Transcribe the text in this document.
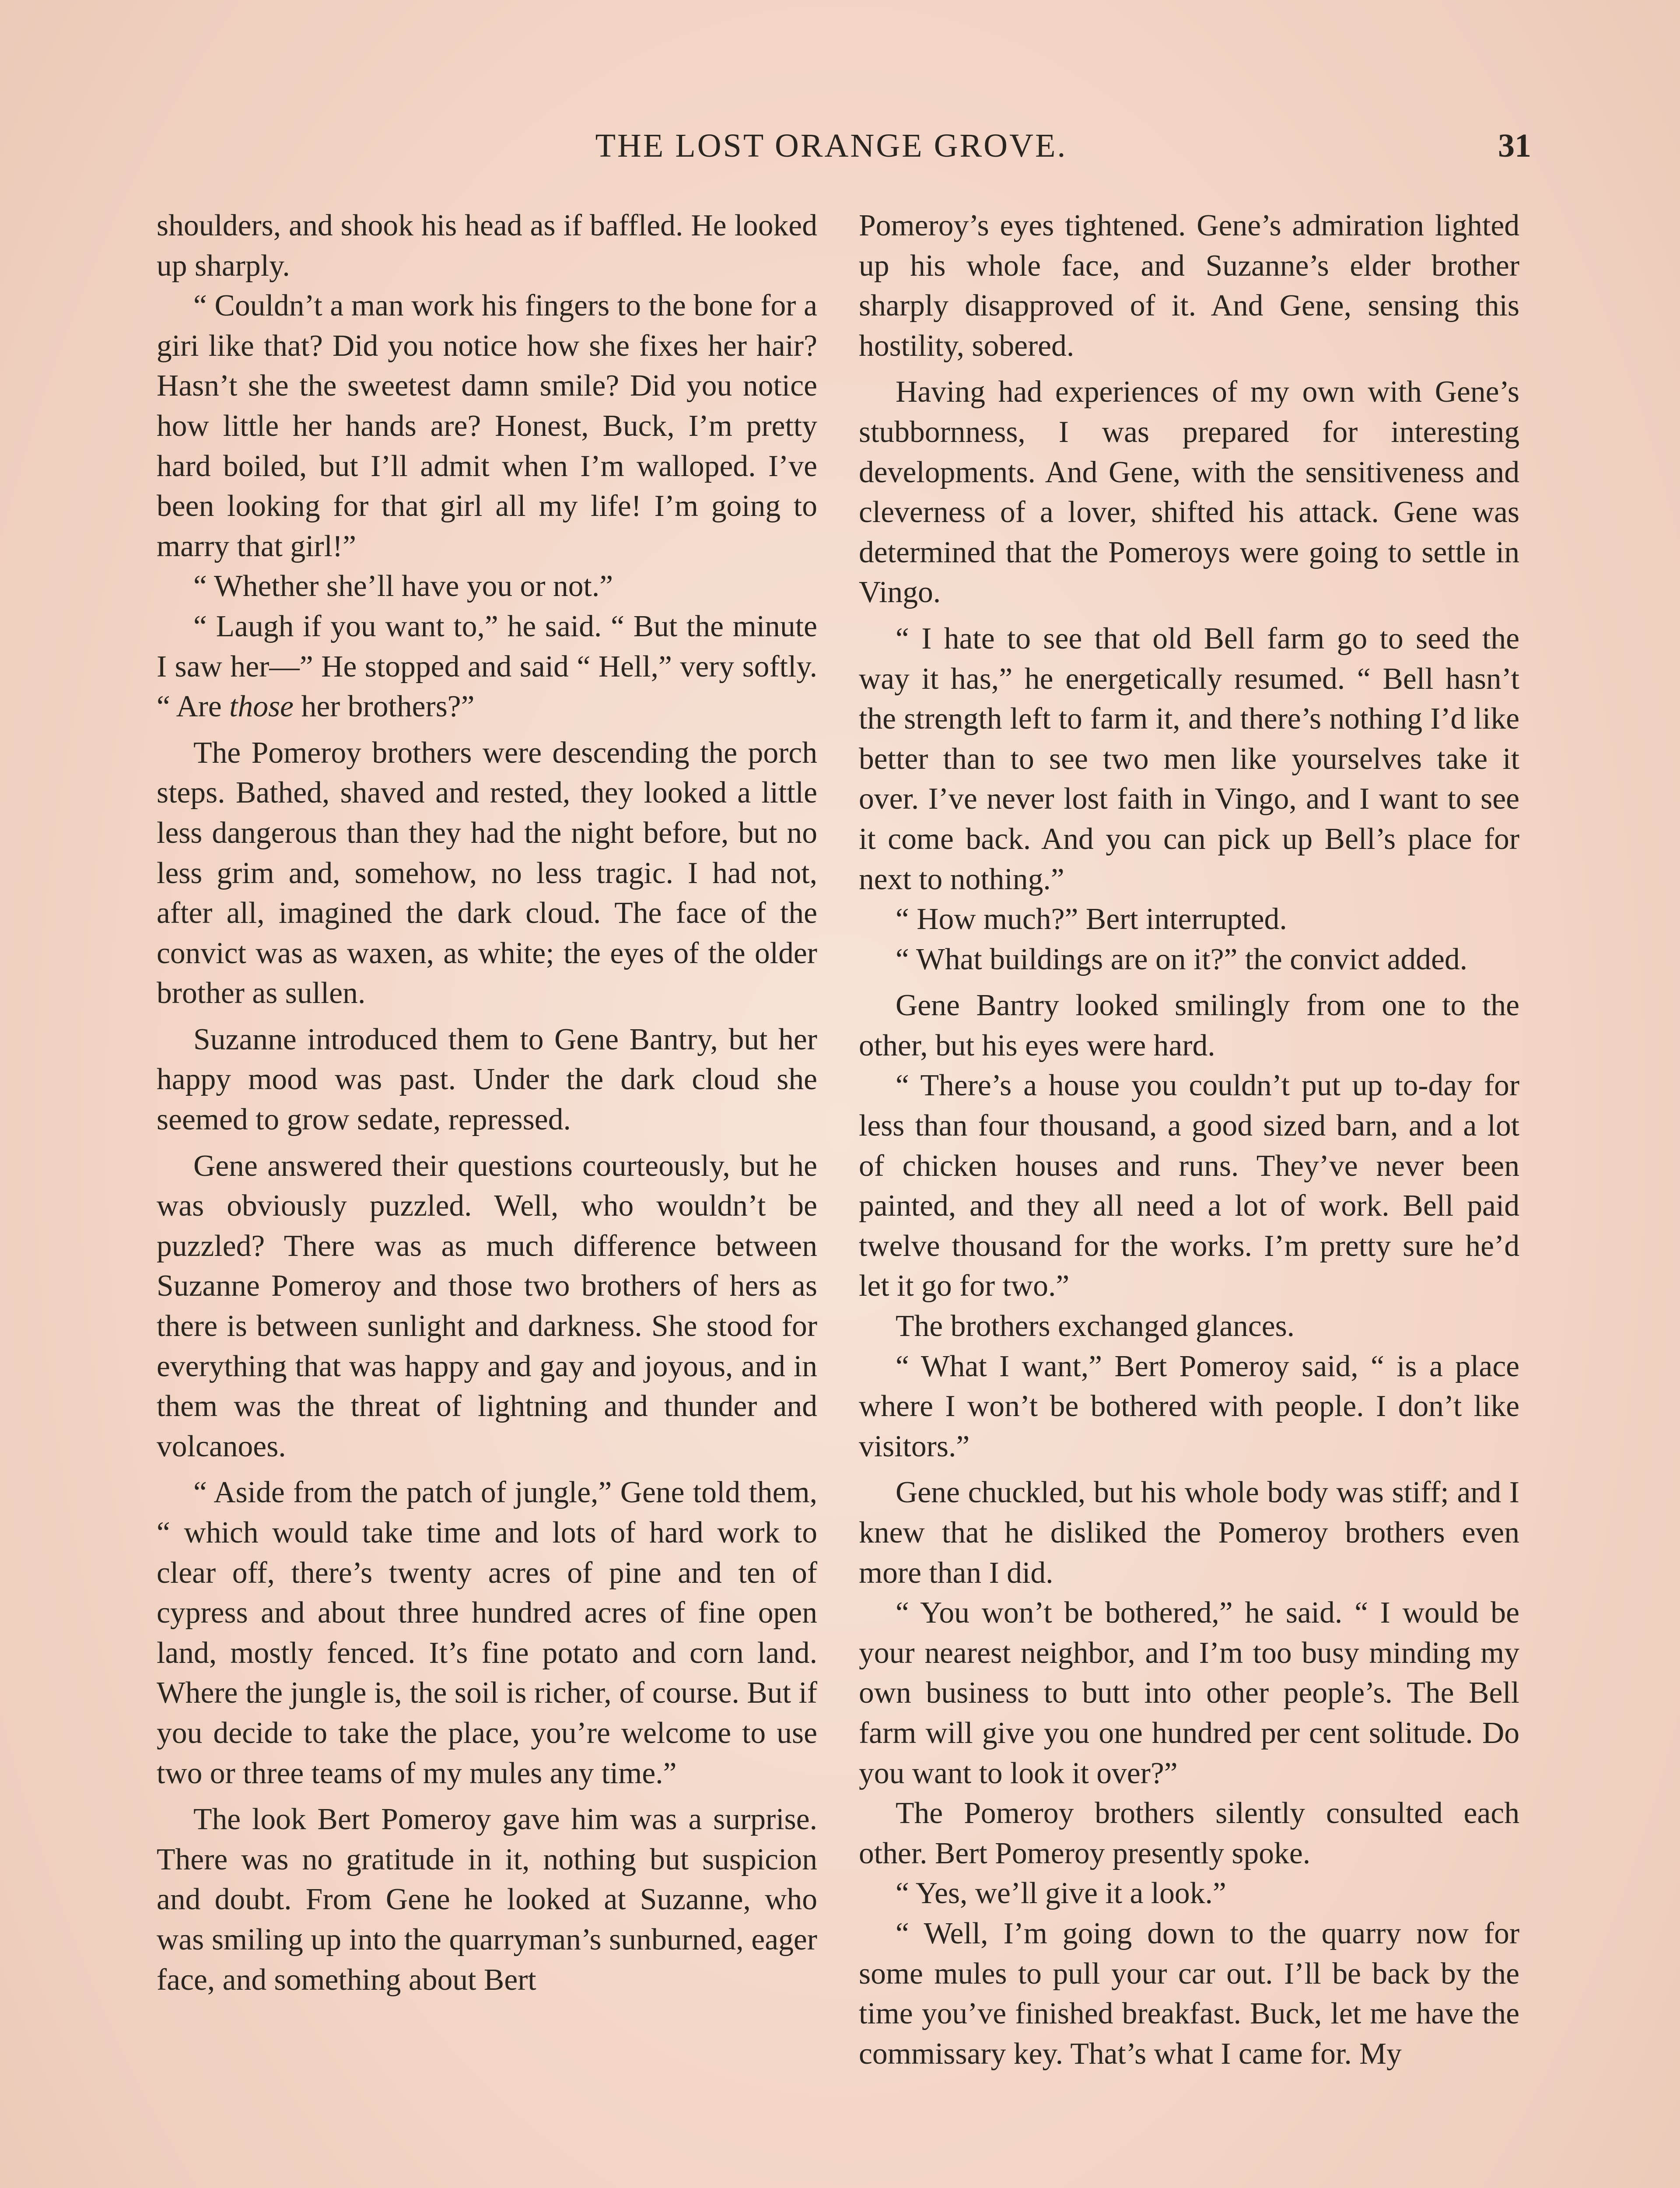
THE LOST ORANGE GROVE.	31

shoulders, and shook his head as if baffled. He looked up sharply.

“ Couldn’t a man work his fingers to the bone for a giri like that? Did you notice how she fixes her hair? Hasn’t she the sweetest damn smile? Did you notice how little her hands are? Honest, Buck, I’m pretty hard boiled, but I’ll admit when I’m walloped. I’ve been looking for that girl all my life! I’m going to marry that girl!”

“ Whether she’ll have you or not.”

“ Laugh if you want to,” he said. “ But the minute I saw her—” He stopped and said “ Hell,” very softly. “ Are those her brothers?”

The Pomeroy brothers were descending the porch steps. Bathed, shaved and rested, they looked a little less dangerous than they had the night before, but no less grim and, somehow, no less tragic. I had not, after all, imagined the dark cloud. The face of the convict was as waxen, as white; the eyes of the older brother as sullen.

Suzanne introduced them to Gene Bantry, but her happy mood was past. Under the dark cloud she seemed to grow sedate, repressed.

Gene answered their questions courteously, but he was obviously puzzled. Well, who wouldn’t be puzzled? There was as much difference between Suzanne Pomeroy and those two brothers of hers as there is between sunlight and darkness. She stood for everything that was happy and gay and joyous, and in them was the threat of lightning and thunder and volcanoes.

“ Aside from the patch of jungle,” Gene told them, “ which would take time and lots of hard work to clear off, there’s twenty acres of pine and ten of cypress and about three hundred acres of fine open land, mostly fenced. It’s fine potato and corn land. Where the jungle is, the soil is richer, of course. But if you decide to take the place, you’re welcome to use two or three teams of my mules any time.”

The look Bert Pomeroy gave him was a surprise. There was no gratitude in it, nothing but suspicion and doubt. From Gene he looked at Suzanne, who was smiling up into the quarryman’s sunburned, eager face, and something about Bert

Pomeroy’s eyes tightened. Gene’s admiration lighted up his whole face, and Suzanne’s elder brother sharply disapproved of it. And Gene, sensing this hostility, sobered.

Having had experiences of my own with Gene’s stubbornness, I was prepared for interesting developments. And Gene, with the sensitiveness and cleverness of a lover, shifted his attack. Gene was determined that the Pomeroys were going to settle in Vingo.

“ I hate to see that old Bell farm go to seed the way it has,” he energetically resumed. “ Bell hasn’t the strength left to farm it, and there’s nothing I’d like better than to see two men like yourselves take it over. I’ve never lost faith in Vingo, and I want to see it come back. And you can pick up Bell’s place for next to nothing.”

“ How much?” Bert interrupted.

“ What buildings are on it?” the convict added.

Gene Bantry looked smilingly from one to the other, but his eyes were hard.

“ There’s a house you couldn’t put up to-day for less than four thousand, a good sized barn, and a lot of chicken houses and runs. They’ve never been painted, and they all need a lot of work. Bell paid twelve thousand for the works. I’m pretty sure he’d let it go for two.”

The brothers exchanged glances.

“ What I want,” Bert Pomeroy said, “ is a place where I won’t be bothered with people. I don’t like visitors.”

Gene chuckled, but his whole body was stiff; and I knew that he disliked the Pomeroy brothers even more than I did.

“ You won’t be bothered,” he said. “ I would be your nearest neighbor, and I’m too busy minding my own business to butt into other people’s. The Bell farm will give you one hundred per cent solitude. Do you want to look it over?”

The Pomeroy brothers silently consulted each other. Bert Pomeroy presently spoke.

“ Yes, we’ll give it a look.”

“ Well, I’m going down to the quarry now for some mules to pull your car out. I’ll be back by the time you’ve finished breakfast. Buck, let me have the commissary key. That’s what I came for. My
